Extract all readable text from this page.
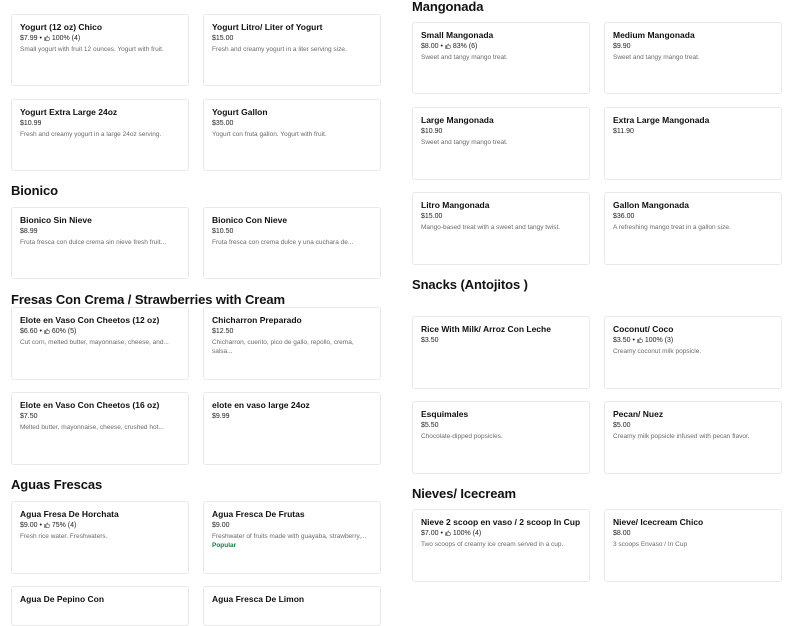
Yogurt (12 oz) Chico
$7.99 •  100% (4)
Small yogurt with fruit 12 ounces. Yogurt with fruit.
Yogurt Litro/ Liter of Yogurt
$15.00
Fresh and creamy yogurt in a liter serving size.
Yogurt Extra Large 24oz
$10.99
Fresh and creamy yogurt in a large 24oz serving.
Yogurt Gallon
$35.00
Yogurt con fruta gallon. Yogurt with fruit.
Bionico
Bionico Sin Nieve
$8.99
Fruta fresca con dulce crema sin nieve fresh fruit...
Bionico Con Nieve
$10.50
Fruta fresca con crema dulce y una cuchara de...
Fresas Con Crema / Strawberries with Cream
Elote en Vaso Con Cheetos (12 oz)
$6.60 •  60% (5)
Cut corn, melted butter, mayonnaise, cheese, and...
Chicharron Preparado
$12.50
Chicharron, cuerito, pico de gallo, repollo, crema, salsa...
Elote en Vaso Con Cheetos (16 oz)
$7.50
Melted butter, mayonnaise, cheese, crushed hot...
elote en vaso large 24oz
$9.99
Aguas Frescas
Agua Fresa De Horchata
$9.00 •  75% (4)
Fresh rice water. Freshwaters.
Agua Fresca De Frutas
$9.00
Freshwater of fruits made with guayaba, strawberry,...
Popular
Agua De Pepino Con	Agua Fresca De Limon
Mangonada
Small Mangonada
$8.00 •  83% (6)
Sweet and tangy mango treat.
Medium Mangonada
$9.90
Sweet and tangy mango treat.
Large Mangonada
$10.90
Sweet and tangy mango treat.
Extra Large Mangonada
$11.90
Litro Mangonada
$15.00
Mango-based treat with a sweet and tangy twist.
Gallon Mangonada
$36.00
A refreshing mango treat in a gallon size.
Snacks (Antojitos )
Rice With Milk/ Arroz Con Leche
$3.50
Coconut/ Coco
$3.50 •  100% (3)
Creamy coconut milk popsicle.
Esquimales
$5.50
Chocolate-dipped popsicles.
Pecan/ Nuez
$5.00
Creamy milk popsicle infused with pecan flavor.
Nieves/ Icecream
Nieve 2 scoop en vaso / 2 scoop In Cup
$7.00 •  100% (4)
Two scoops of creamy ice cream served in a cup.
Nieve/ Icecream Chico
$8.00
3 scoops Envaso / In Cup
